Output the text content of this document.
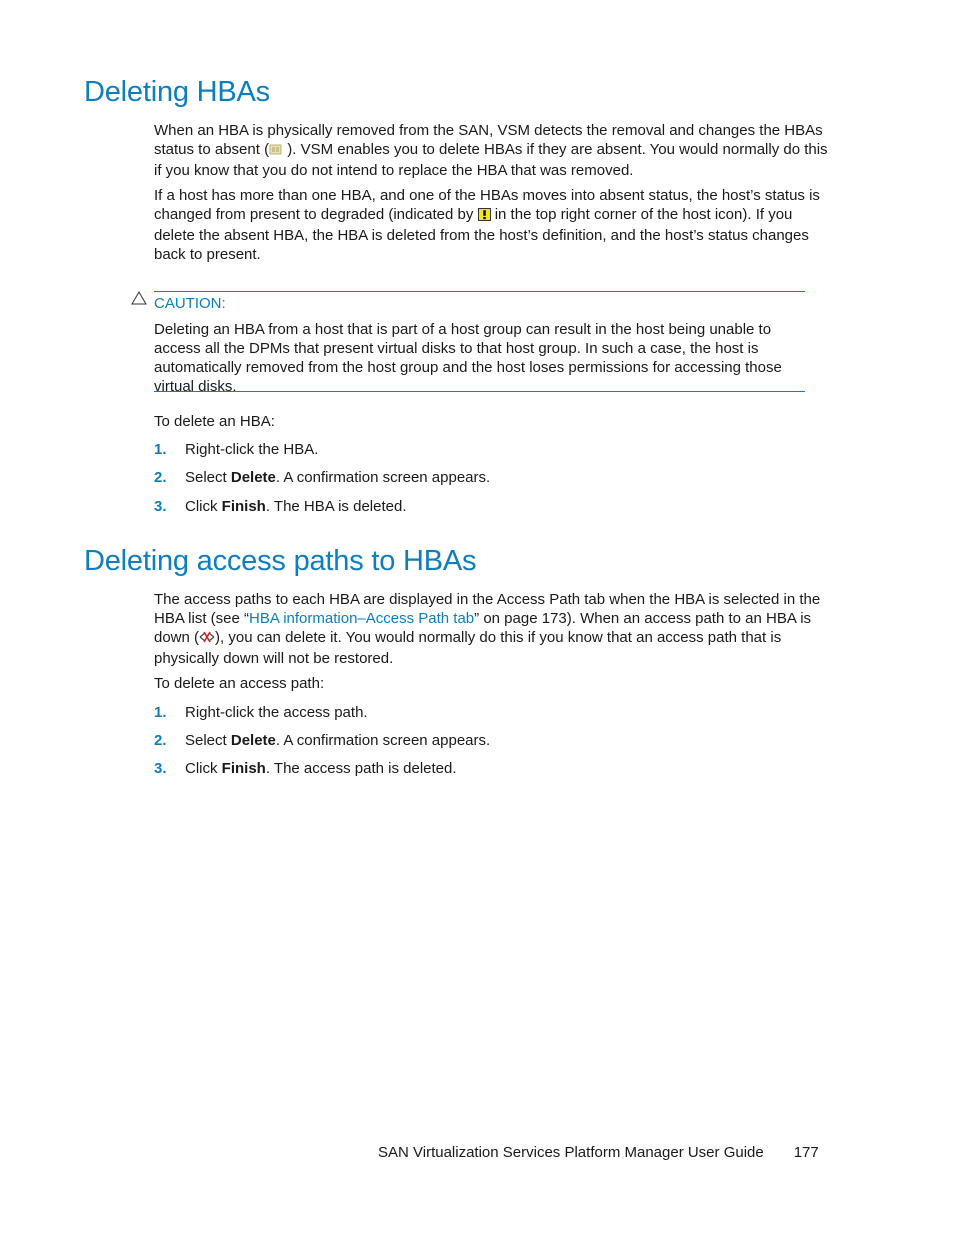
Deleting HBAs

When an HBA is physically removed from the SAN, VSM detects the removal and changes the HBAs status to absent ( ). VSM enables you to delete HBAs if they are absent. You would normally do this if you know that you do not intend to replace the HBA that was removed.

If a host has more than one HBA, and one of the HBAs moves into absent status, the host’s status is changed from present to degraded (indicated by in the top right corner of the host icon). If you delete the absent HBA, the HBA is deleted from the host’s definition, and the host’s status changes back to present.

CAUTION:

Deleting an HBA from a host that is part of a host group can result in the host being unable to access all the DPMs that present virtual disks to that host group. In such a case, the host is automatically removed from the host group and the host loses permissions for accessing those virtual disks.

To delete an HBA:

1. Right-click the HBA.
2. Select Delete. A confirmation screen appears.
3. Click Finish. The HBA is deleted.
Deleting access paths to HBAs

The access paths to each HBA are displayed in the Access Path tab when the HBA is selected in the HBA list (see “HBA information–Access Path tab” on page 173). When an access path to an HBA is down ( ), you can delete it. You would normally do this if you know that an access path that is physically down will not be restored.

To delete an access path:

1. Right-click the access path.
2. Select Delete. A confirmation screen appears.
3. Click Finish. The access path is deleted.
SAN Virtualization Services Platform Manager User Guide 177
